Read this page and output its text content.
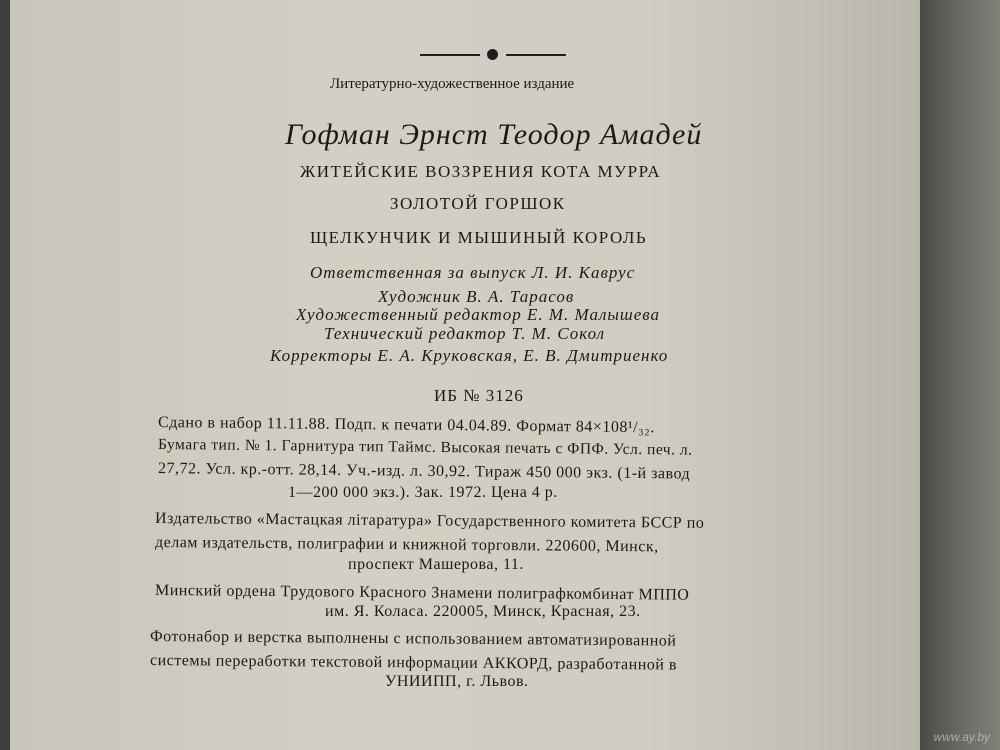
Литературно-художественное издание

Гофман Эрнст Теодор Амадей

ЖИТЕЙСКИЕ ВОЗЗРЕНИЯ КОТА МУРРА

ЗОЛОТОЙ ГОРШОК

ЩЕЛКУНЧИК И МЫШИНЫЙ КОРОЛЬ

Ответственная за выпуск Л. И. Каврус

Художник В. А. Тарасов

Художественный редактор Е. М. Малышева

Технический редактор Т. М. Сокол

Корректоры Е. А. Круковская, Е. В. Дмитриенко

ИБ № 3126

Сдано в набор 11.11.88. Подп. к печати 04.04.89. Формат 84×108¹/₃₂.

Бумага тип. № 1. Гарнитура тип Таймс. Высокая печать с ФПФ. Усл. печ. л.

27,72. Усл. кр.-отт. 28,14. Уч.-изд. л. 30,92. Тираж 450 000 экз. (1-й завод

1—200 000 экз.). Зак. 1972. Цена 4 р.

Издательство «Мастацкая літаратура» Государственного комитета БССР по

делам издательств, полиграфии и книжной торговли. 220600, Минск,

проспект Машерова, 11.

Минский ордена Трудового Красного Знамени полиграфкомбинат МППО

им. Я. Коласа. 220005, Минск, Красная, 23.

Фотонабор и верстка выполнены с использованием автоматизированной

системы переработки текстовой информации АККОРД, разработанной в

УНИИПП, г. Львов.

www.ay.by
